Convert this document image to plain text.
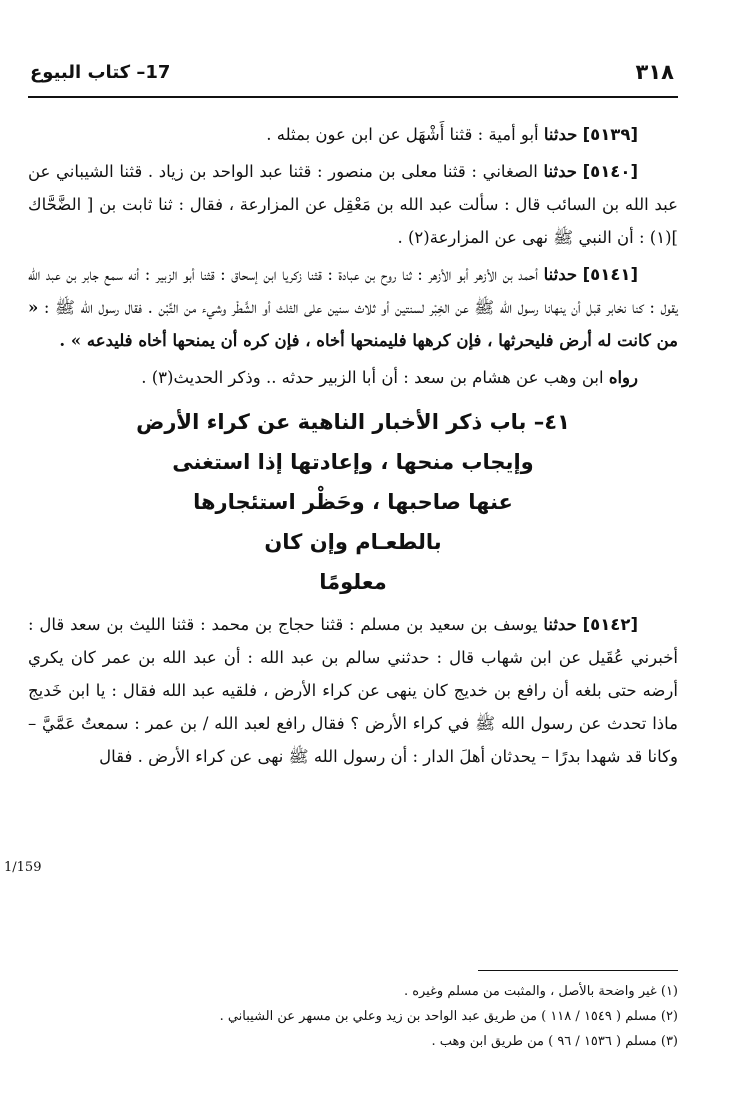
٣١٨
17– كتاب البيوع
1/159

[٥١٣٩] حدثنا أبو أمية : قثنا أَشْهَل عن ابن عون بمثله .

[٥١٤٠] حدثنا الصغاني : قثنا معلى بن منصور : قثنا عبد الواحد بن زياد . قثنا الشيباني عن عبد الله بن السائب قال : سألت عبد الله بن مَعْقِل عن المزارعة ، فقال : ثنا ثابت بن [ الضَّحَّاك ](١) : أن النبي ﷺ نهى عن المزارعة(٢) .

[٥١٤١] حدثنا أحمد بن الأزهر أبو الأزهر : ثنا روح بن عبادة : قثنا زكريا ابن إسحاق : قثنا أبو الزبير : أنه سمع جابر بن عبد الله يقول : كنا نخابر قبل أن ينهانا رسول الله ﷺ عن الخِبْر لسنتين أو ثلاث سنين على الثلث أو الشَّطْر وشيء من التِّبْن . فقال رسول الله ﷺ : « من كانت له أرض فليحرثها ، فإن كرهها فليمنحها أخاه ، فإن كره أن يمنحها أخاه فليدعه » .

رواه ابن وهب عن هشام بن سعد : أن أبا الزبير حدثه .. وذكر الحديث(٣) .

٤١– باب ذكر الأخبار الناهية عن كراء الأرض
وإيجاب منحها ، وإعادتها إذا استغنى
عنها صاحبها ، وحَظْر استئجارها
بالطعـام وإن كان
معلومًا

[٥١٤٢] حدثنا يوسف بن سعيد بن مسلم : قثنا حجاج بن محمد : قثنا الليث بن سعد قال : أخبرني عُقَيل عن ابن شهاب قال : حدثني سالم بن عبد الله : أن عبد الله بن عمر كان يكري أرضه حتى بلغه أن رافع بن خديج كان ينهى عن كراء الأرض ، فلقيه عبد الله فقال : يا ابن خَديج ماذا تحدث عن رسول الله ﷺ في كراء الأرض ؟ فقال رافع لعبد الله / بن عمر : سمعتُ عَمَّيَّ – وكانا قد شهدا بدرًا – يحدثان أهلَ الدار : أن رسول الله ﷺ نهى عن كراء الأرض . فقال

(١) غير واضحة بالأصل ، والمثبت من مسلم وغيره .

(٢) مسلم ( ١٥٤٩ / ١١٨ ) من طريق عبد الواحد بن زيد وعلي بن مسهر عن الشيباني .

(٣) مسلم ( ١٥٣٦ / ٩٦ ) من طريق ابن وهب .
